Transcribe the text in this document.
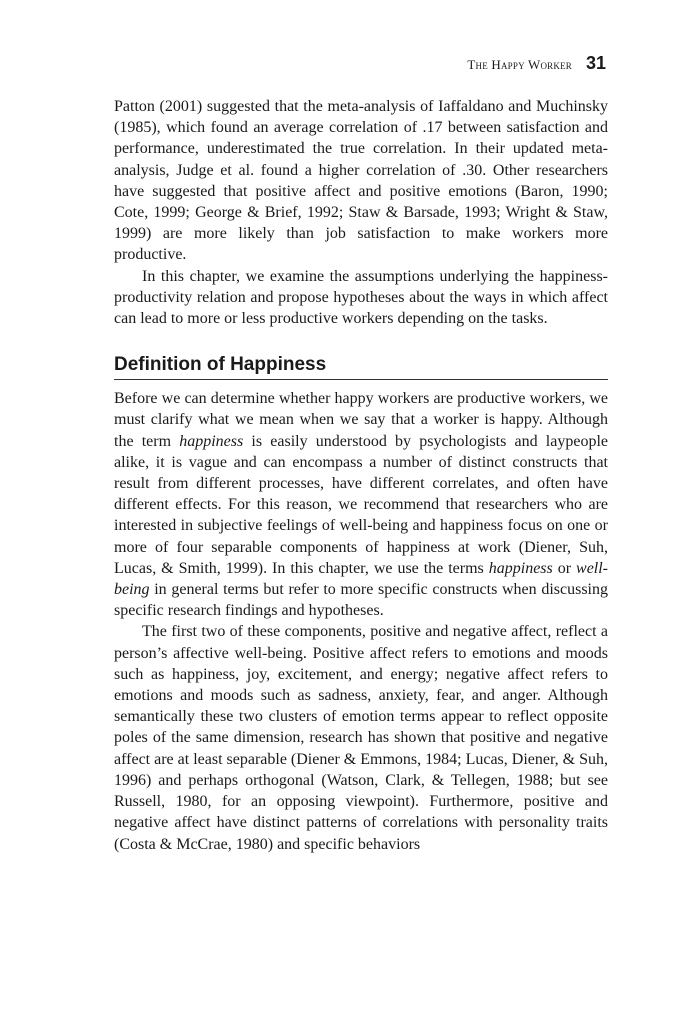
The Happy Worker 31

Patton (2001) suggested that the meta-analysis of Iaffaldano and Muchinsky (1985), which found an average correlation of .17 between satisfaction and performance, underestimated the true correlation. In their updated meta-analysis, Judge et al. found a higher correlation of .30. Other researchers have suggested that positive affect and positive emotions (Baron, 1990; Cote, 1999; George & Brief, 1992; Staw & Barsade, 1993; Wright & Staw, 1999) are more likely than job satisfaction to make workers more productive.

In this chapter, we examine the assumptions underlying the happiness-productivity relation and propose hypotheses about the ways in which affect can lead to more or less productive workers depending on the tasks.

Definition of Happiness

Before we can determine whether happy workers are productive workers, we must clarify what we mean when we say that a worker is happy. Although the term happiness is easily understood by psychologists and laypeople alike, it is vague and can encompass a number of distinct constructs that result from different processes, have different correlates, and often have different effects. For this reason, we recommend that researchers who are interested in subjective feelings of well-being and happiness focus on one or more of four separable components of happiness at work (Diener, Suh, Lucas, & Smith, 1999). In this chapter, we use the terms happiness or well-being in general terms but refer to more specific constructs when discussing specific research findings and hypotheses.

The first two of these components, positive and negative affect, reflect a person’s affective well-being. Positive affect refers to emotions and moods such as happiness, joy, excitement, and energy; negative affect refers to emotions and moods such as sadness, anxiety, fear, and anger. Although semantically these two clusters of emotion terms appear to reflect opposite poles of the same dimension, research has shown that positive and negative affect are at least separable (Diener & Emmons, 1984; Lucas, Diener, & Suh, 1996) and perhaps orthogonal (Watson, Clark, & Tellegen, 1988; but see Russell, 1980, for an opposing viewpoint). Furthermore, positive and negative affect have distinct patterns of correlations with personality traits (Costa & McCrae, 1980) and specific behaviors
